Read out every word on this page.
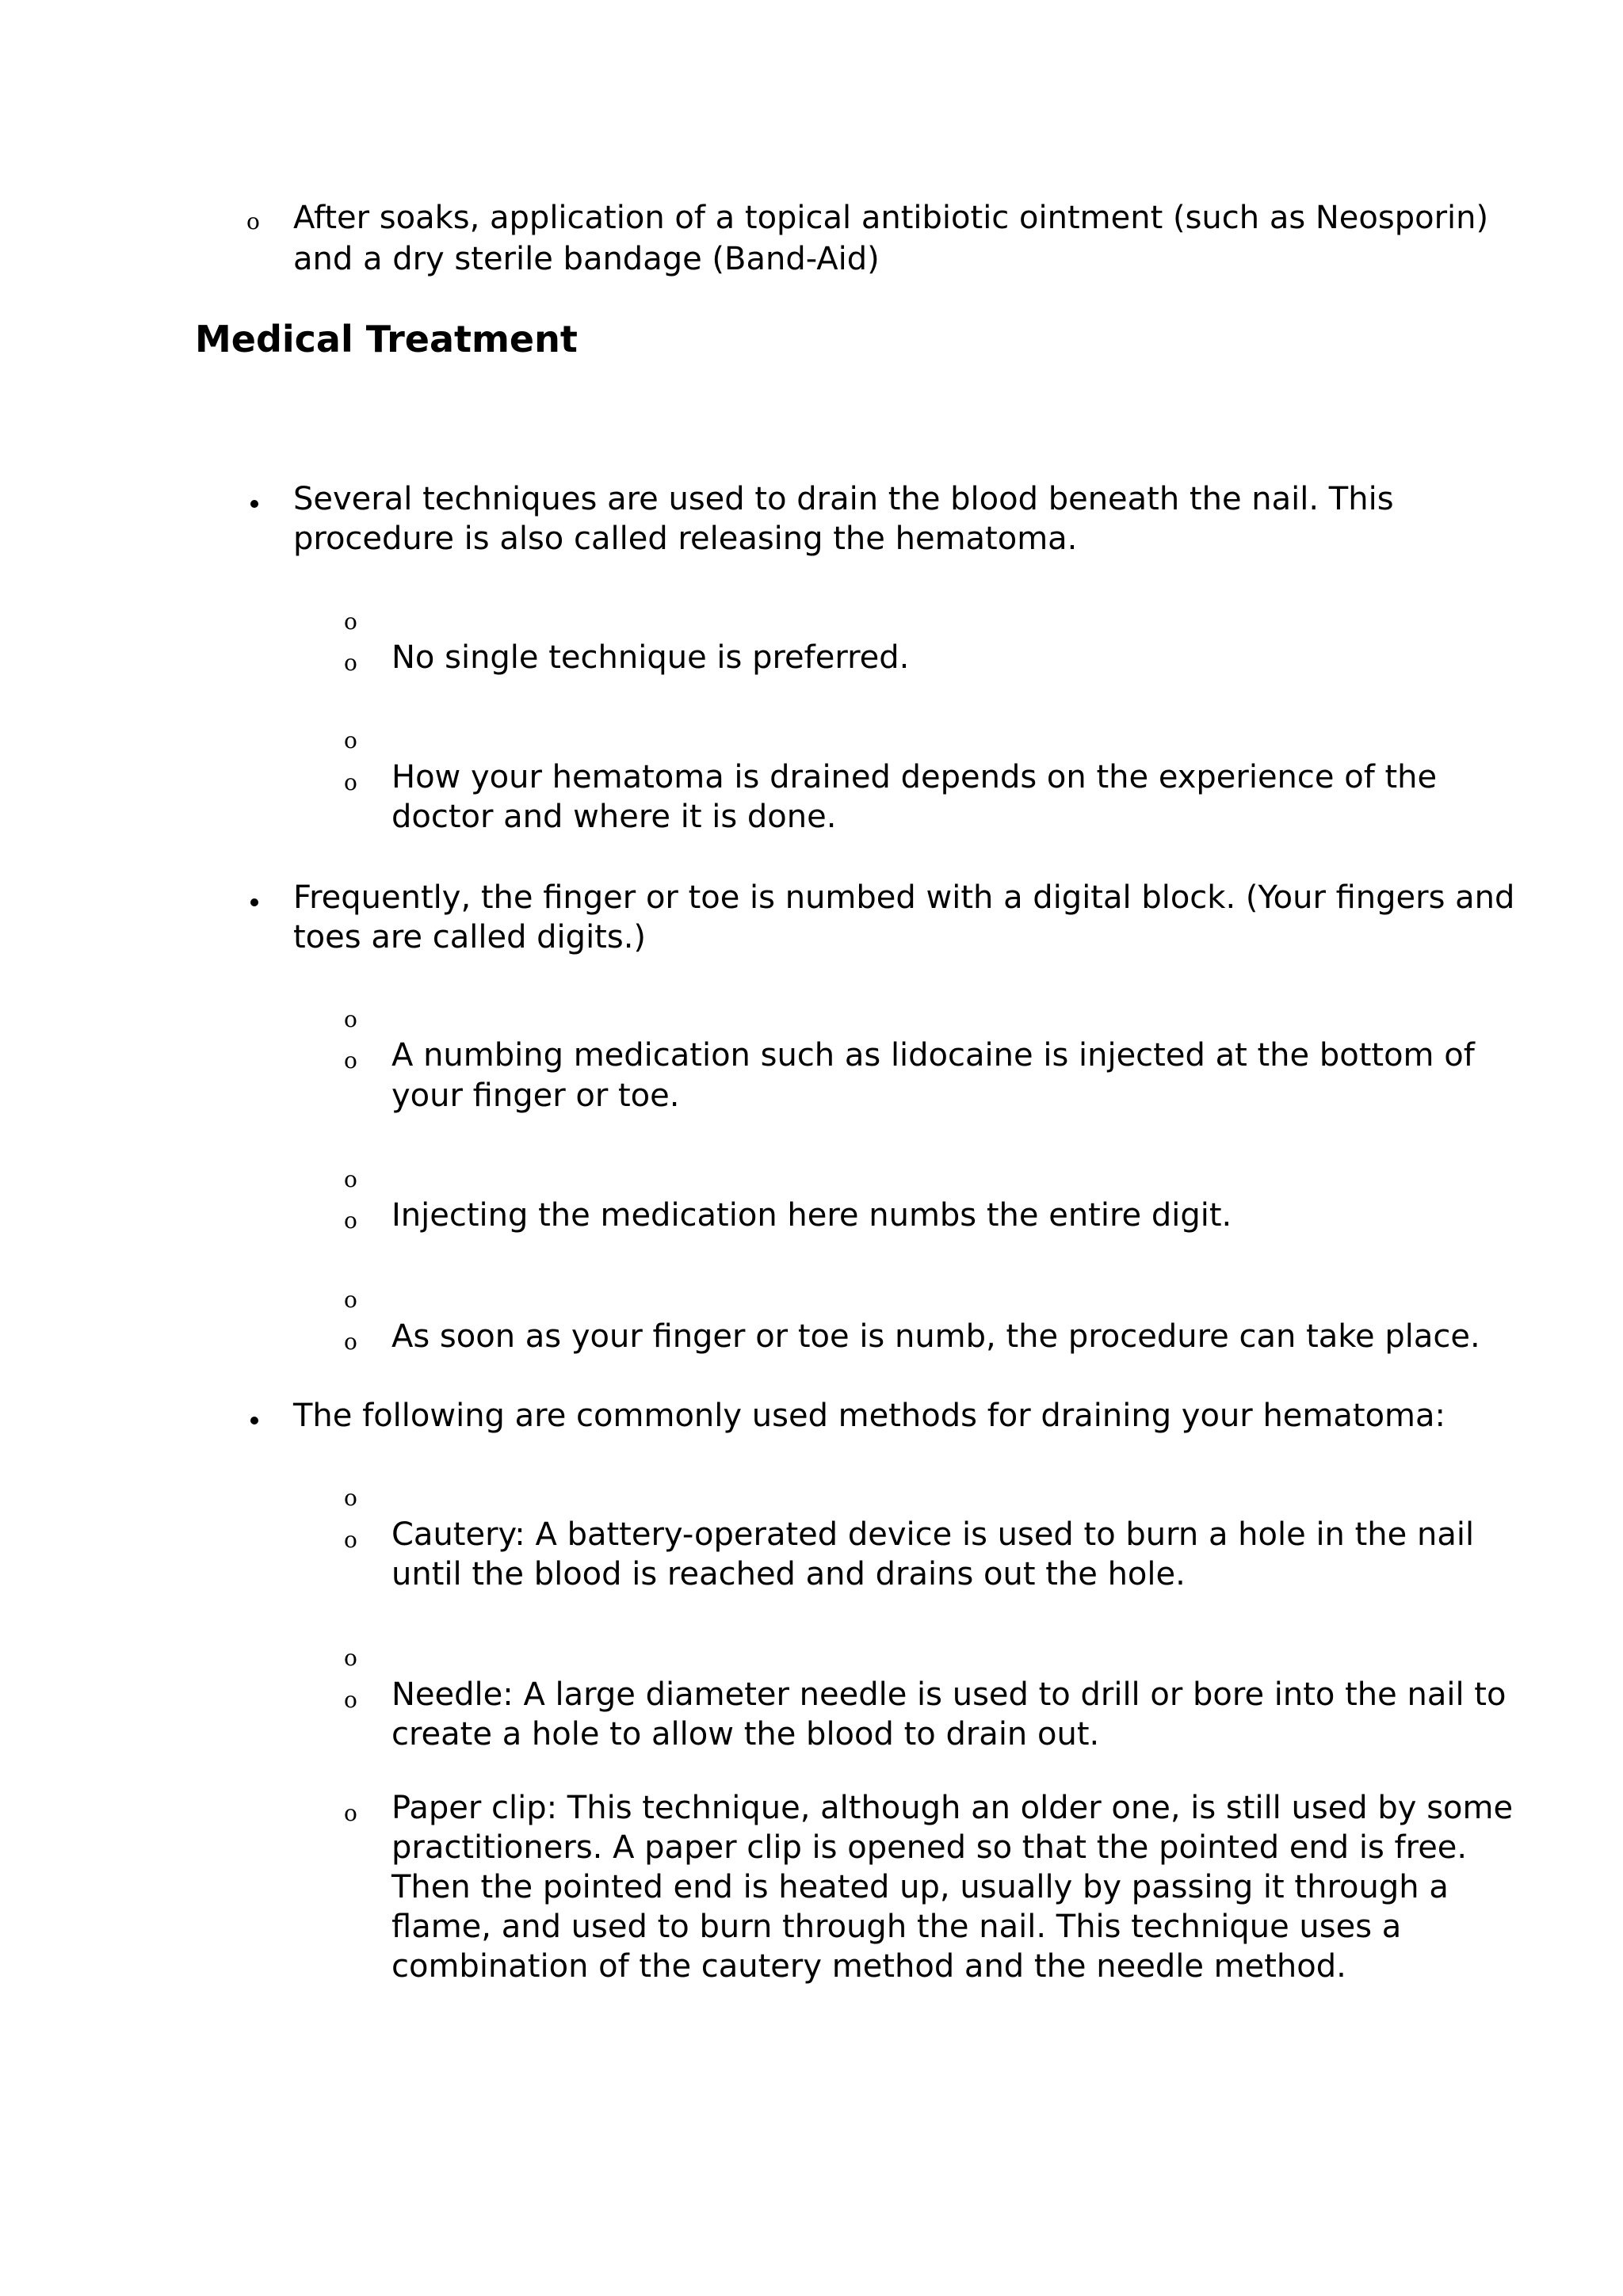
o After soaks, application of a topical antibiotic ointment (such as Neosporin)
and a dry sterile bandage (Band-Aid)
Medical Treatment
Several techniques are used to drain the blood beneath the nail. This
procedure is also called releasing the hematoma.
o
o No single technique is preferred.
o
o How your hematoma is drained depends on the experience of the
doctor and where it is done.
Frequently, the finger or toe is numbed with a digital block. (Your fingers and
toes are called digits.)
o
o A numbing medication such as lidocaine is injected at the bottom of
your finger or toe.
o
o Injecting the medication here numbs the entire digit.
o
o As soon as your finger or toe is numb, the procedure can take place.
The following are commonly used methods for draining your hematoma:
o
o Cautery: A battery-operated device is used to burn a hole in the nail
until the blood is reached and drains out the hole.
o
o Needle: A large diameter needle is used to drill or bore into the nail to
create a hole to allow the blood to drain out.
o Paper clip: This technique, although an older one, is still used by some
practitioners. A paper clip is opened so that the pointed end is free.
Then the pointed end is heated up, usually by passing it through a
flame, and used to burn through the nail. This technique uses a
combination of the cautery method and the needle method.
